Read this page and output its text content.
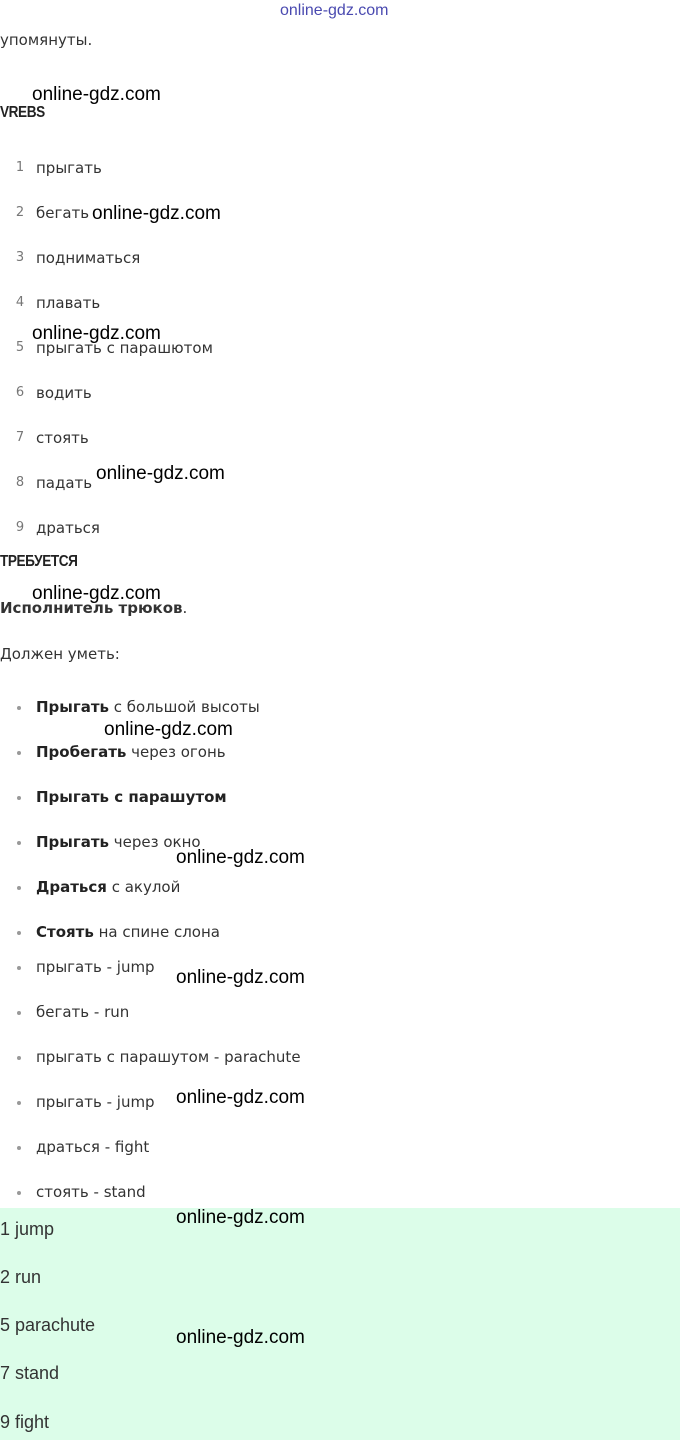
online-gdz.com
упомянуты.
VREBS
1 прыгать
2 бегать
3 подниматься
4 плавать
5 прыгать с парашютом
6 водить
7 стоять
8 падать
9 драться
ТРЕБУЕТСЯ
Исполнитель трюков.
Должен уметь:
Прыгать с большой высоты
Пробегать через огонь
Прыгать с парашутом
Прыгать через окно
Драться с акулой
Стоять на спине слона
прыгать - jump
бегать - run
прыгать с парашутом - parachute
прыгать - jump
драться - fight
стоять - stand
1 jump
2 run
5 parachute
7 stand
9 fight
online-gdz.com
online-gdz.com
online-gdz.com
online-gdz.com
online-gdz.com
online-gdz.com
online-gdz.com
online-gdz.com
online-gdz.com
online-gdz.com
online-gdz.com
